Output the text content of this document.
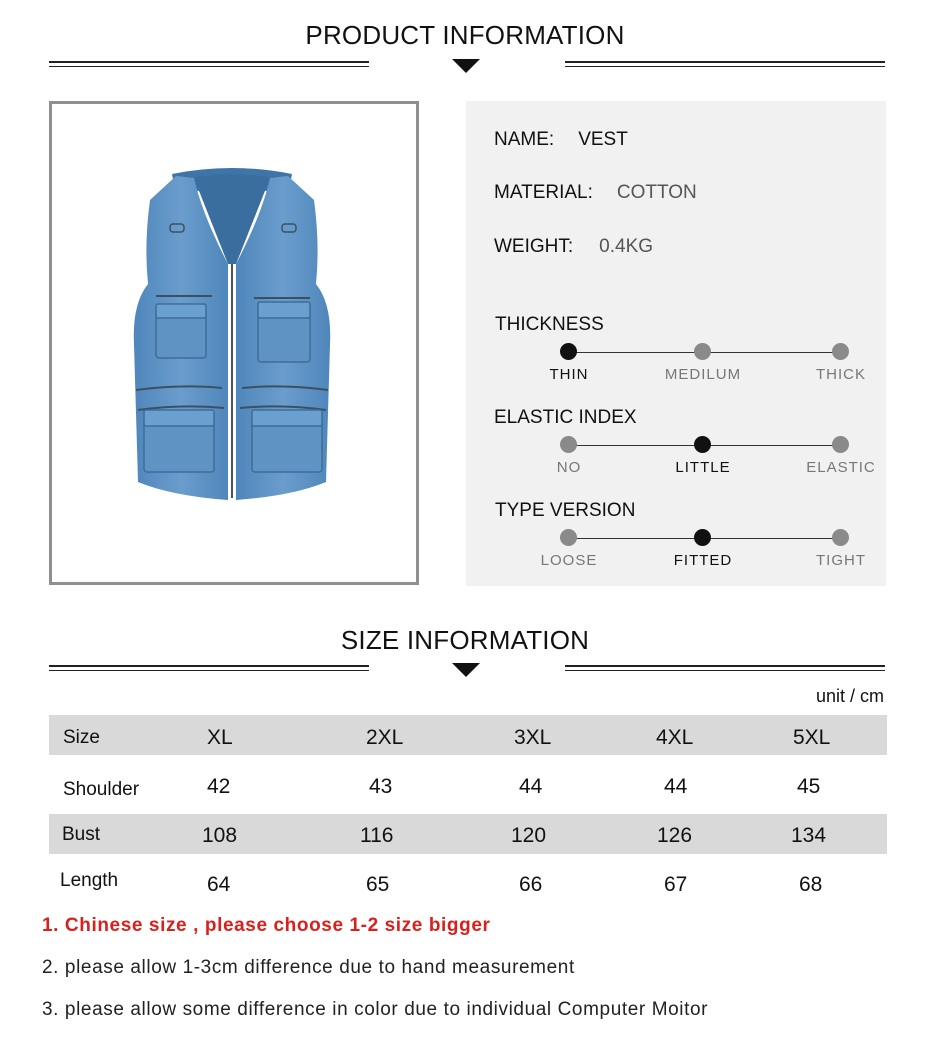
PRODUCT INFORMATION
NAME: VEST
MATERIAL: COTTON
WEIGHT: 0.4KG
THICKNESS
THIN	MEDILUM	THICK
ELASTIC INDEX
NO	LITTLE	ELASTIC
TYPE VERSION
LOOSE	FITTED	TIGHT
SIZE INFORMATION
unit / cm
Size	XL	2XL	3XL	4XL	5XL
Shoulder	42	43	44	44	45
Bust	108	116	120	126	134
Length	64	65	66	67	68
1. Chinese size , please choose 1-2 size bigger
2. please allow 1-3cm difference due to hand measurement
3. please allow some difference in color due to individual Computer Moitor
